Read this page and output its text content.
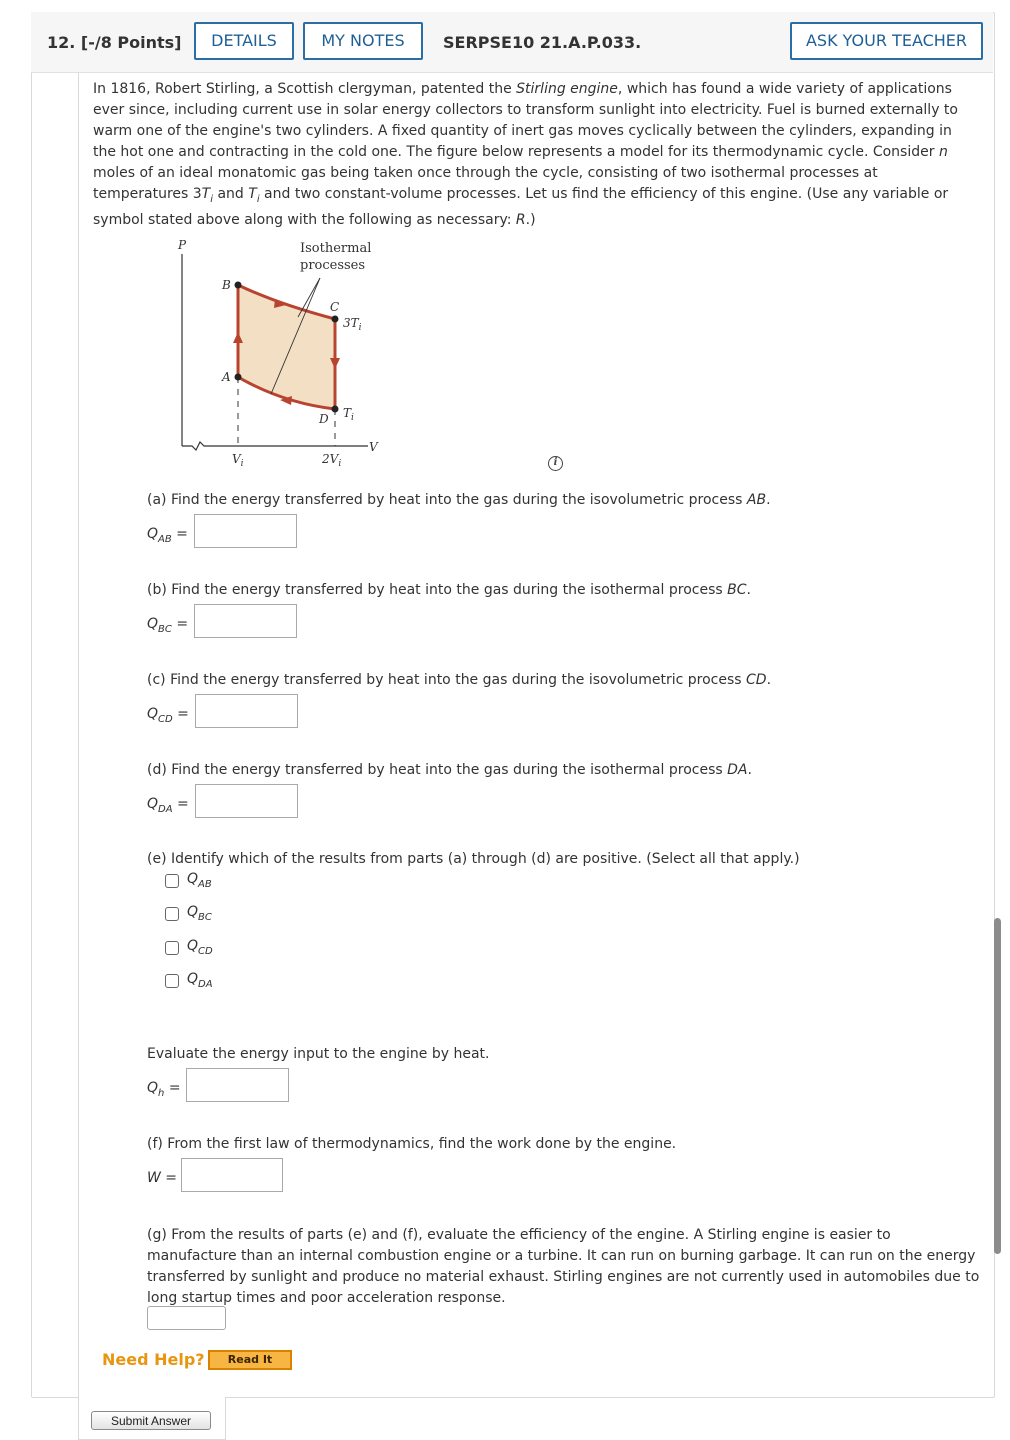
12. [-/8 Points]	DETAILS	MY NOTES	SERPSE10 21.A.P.033.	ASK YOUR TEACHER
In 1816, Robert Stirling, a Scottish clergyman, patented the Stirling engine, which has found a wide variety of applications ever since, including current use in solar energy collectors to transform sunlight into electricity. Fuel is burned externally to warm one of the engine's two cylinders. A fixed quantity of inert gas moves cyclically between the cylinders, expanding in the hot one and contracting in the cold one. The figure below represents a model for its thermodynamic cycle. Consider n moles of an ideal monatomic gas being taken once through the cycle, consisting of two isothermal processes at temperatures $3T_i$ and $T_i$ and two constant-volume processes. Let us find the efficiency of this engine. (Use any variable or symbol stated above along with the following as necessary: R.)
P
V
Isothermal
processes
B
A
C
D
$3T_i$
$T_i$
$V_i$	$2V_i$	i
(a) Find the energy transferred by heat into the gas during the isovolumetric process AB.
$Q_{AB}$ =
(b) Find the energy transferred by heat into the gas during the isothermal process BC.
$Q_{BC}$ =
(c) Find the energy transferred by heat into the gas during the isovolumetric process CD.
$Q_{CD}$ =
(d) Find the energy transferred by heat into the gas during the isothermal process DA.
$Q_{DA}$ =
(e) Identify which of the results from parts (a) through (d) are positive. (Select all that apply.)
$Q_{AB}$
$Q_{BC}$
$Q_{CD}$
$Q_{DA}$
Evaluate the energy input to the engine by heat.
$Q_h$ =
(f) From the first law of thermodynamics, find the work done by the engine.
W =
(g) From the results of parts (e) and (f), evaluate the efficiency of the engine. A Stirling engine is easier to manufacture than an internal combustion engine or a turbine. It can run on burning garbage. It can run on the energy transferred by sunlight and produce no material exhaust. Stirling engines are not currently used in automobiles due to long startup times and poor acceleration response.
Need Help?	Read It
Submit Answer
